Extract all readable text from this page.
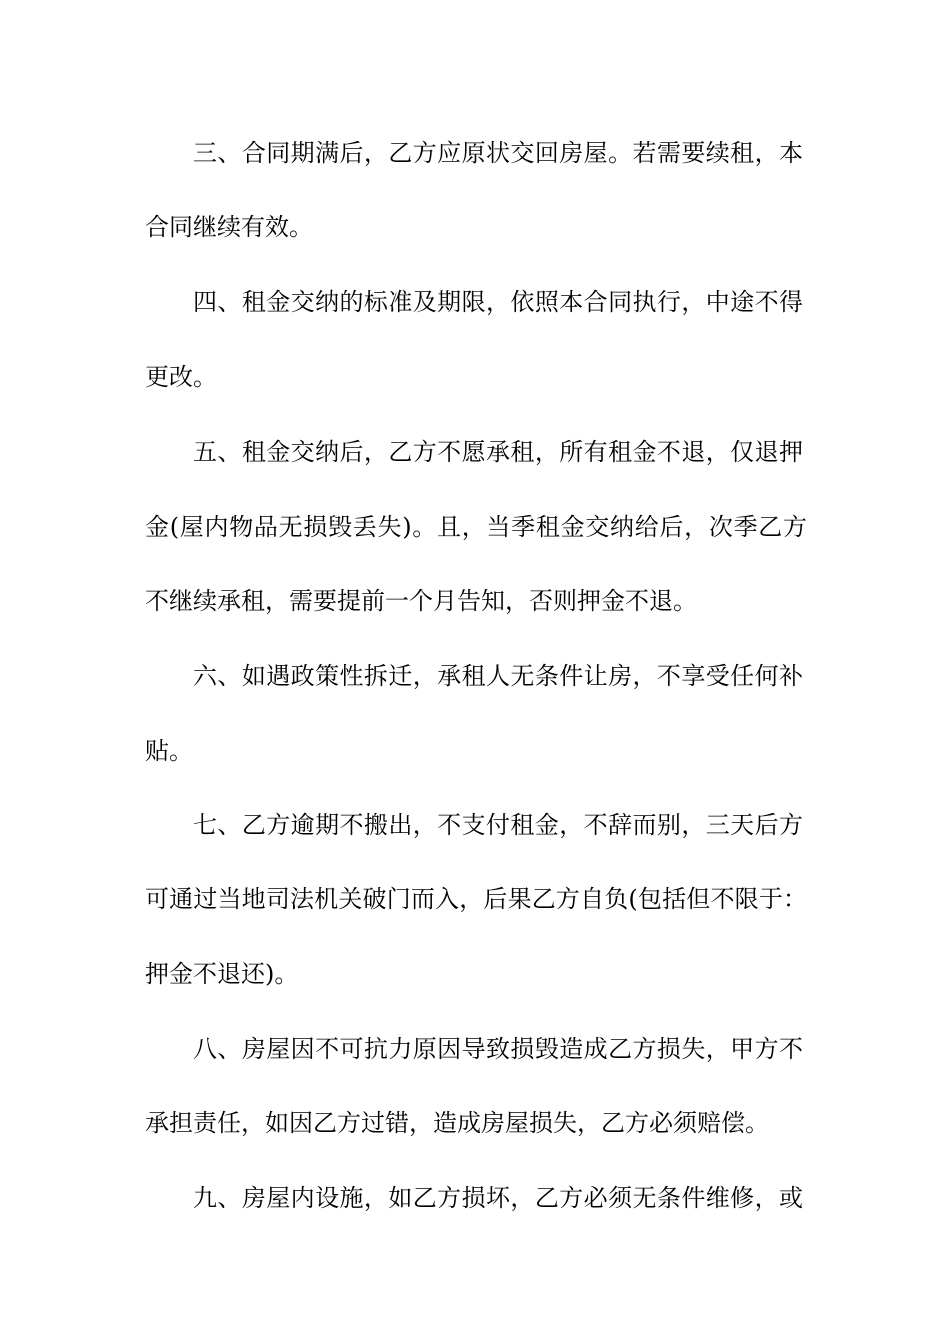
三、合同期满后，乙方应原状交回房屋。若需要续租，本
合同继续有效。
四、租金交纳的标准及期限，依照本合同执行，中途不得
更改。
五、租金交纳后，乙方不愿承租，所有租金不退，仅退押
金(屋内物品无损毁丢失)。且，当季租金交纳给后，次季乙方
不继续承租，需要提前一个月告知，否则押金不退。
六、如遇政策性拆迁，承租人无条件让房，不享受任何补
贴。
七、乙方逾期不搬出，不支付租金，不辞而别，三天后方
可通过当地司法机关破门而入，后果乙方自负(包括但不限于：
押金不退还)。
八、房屋因不可抗力原因导致损毁造成乙方损失，甲方不
承担责任，如因乙方过错，造成房屋损失，乙方必须赔偿。
九、房屋内设施，如乙方损坏，乙方必须无条件维修，或
